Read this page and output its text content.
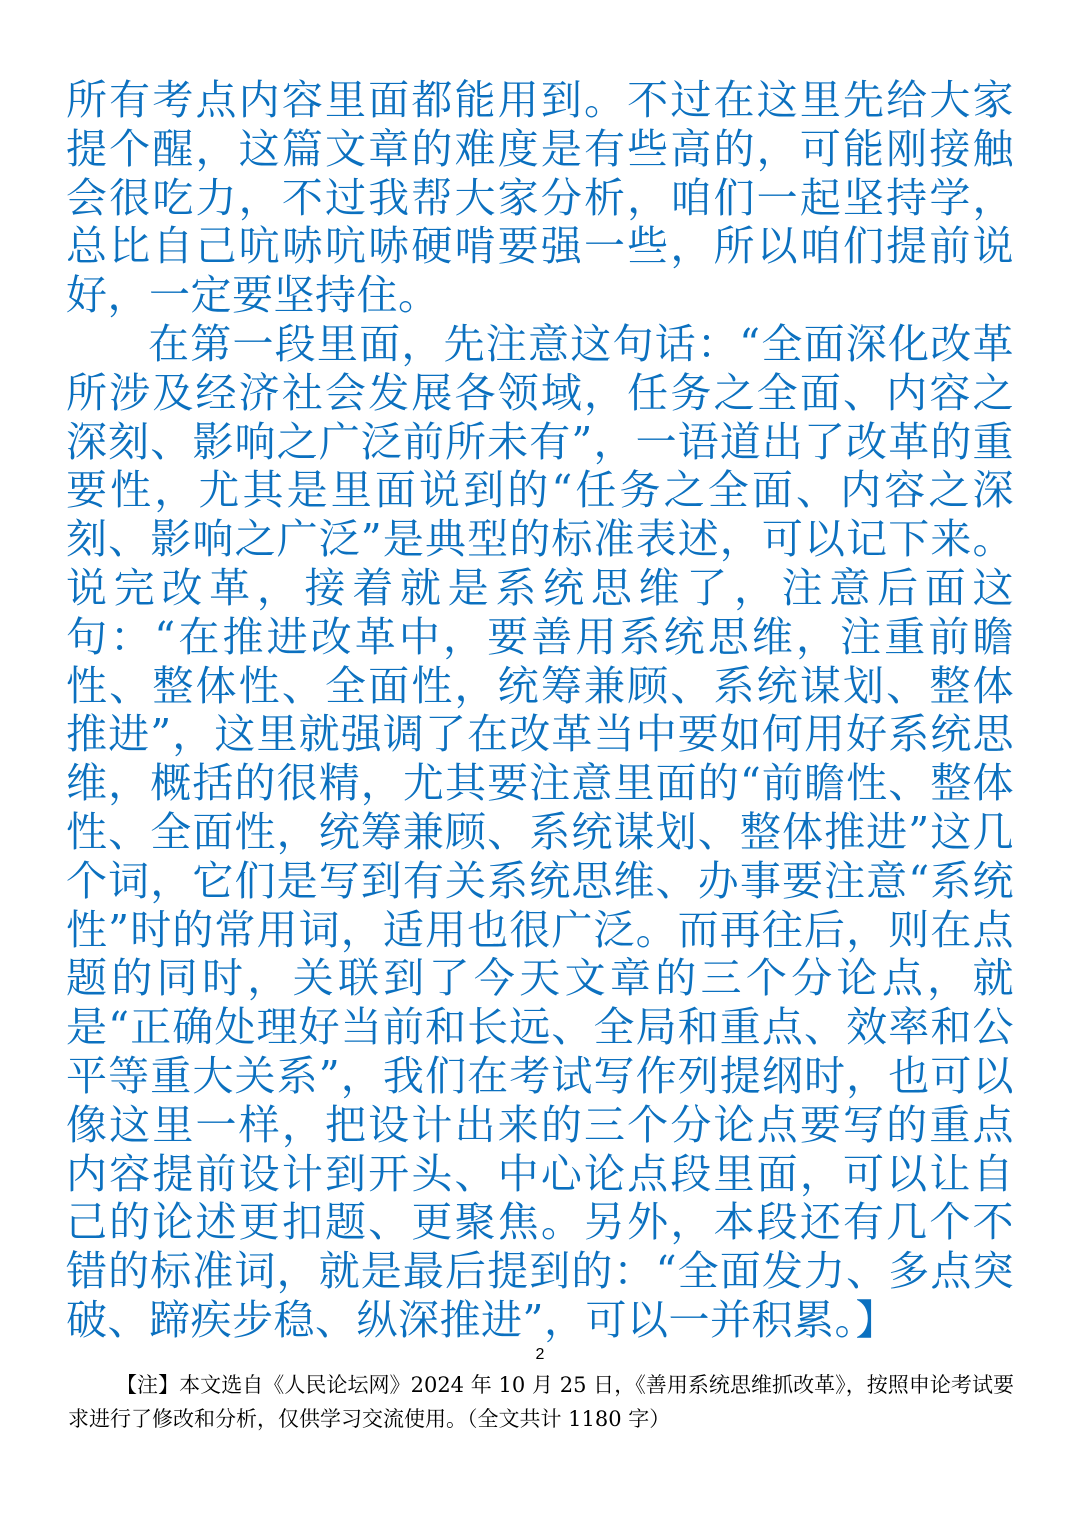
所有考点内容里面都能用到。不过在这里先给大家提个醒，这篇文章的难度是有些高的，可能刚接触会很吃力，不过我帮大家分析，咱们一起坚持学，总比自己吭哧吭哧硬啃要强一些，所以咱们提前说好，一定要坚持住。

在第一段里面，先注意这句话：“全面深化改革所涉及经济社会发展各领域，任务之全面、内容之深刻、影响之广泛前所未有”，一语道出了改革的重要性，尤其是里面说到的“任务之全面、内容之深刻、影响之广泛”是典型的标准表述，可以记下来。说完改革，接着就是系统思维了，注意后面这句：“在推进改革中，要善用系统思维，注重前瞻性、整体性、全面性，统筹兼顾、系统谋划、整体推进”，这里就强调了在改革当中要如何用好系统思维，概括的很精，尤其要注意里面的“前瞻性、整体性、全面性，统筹兼顾、系统谋划、整体推进”这几个词，它们是写到有关系统思维、办事要注意“系统性”时的常用词，适用也很广泛。而再往后，则在点题的同时，关联到了今天文章的三个分论点，就是“正确处理好当前和长远、全局和重点、效率和公平等重大关系”，我们在考试写作列提纲时，也可以像这里一样，把设计出来的三个分论点要写的重点内容提前设计到开头、中心论点段里面，可以让自己的论述更扣题、更聚焦。另外，本段还有几个不错的标准词，就是最后提到的：“全面发力、多点突破、蹄疾步稳、纵深推进”，可以一并积累。】

2

【注】本文选自《人民论坛网》2024 年 10 月 25 日，《善用系统思维抓改革》，按照申论考试要求进行了修改和分析，仅供学习交流使用。（全文共计 1180 字）
